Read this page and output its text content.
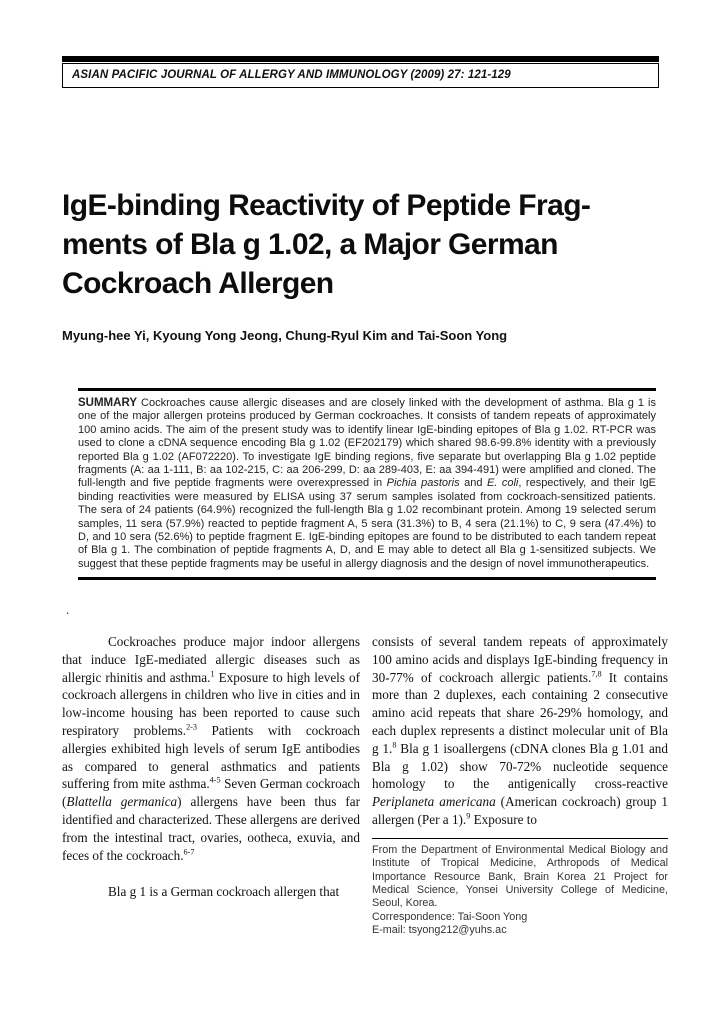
ASIAN PACIFIC JOURNAL OF ALLERGY AND IMMUNOLOGY (2009) 27: 121-129
IgE-binding Reactivity of Peptide Frag-
ments of Bla g 1.02, a Major German
Cockroach Allergen
Myung-hee Yi, Kyoung Yong Jeong, Chung-Ryul Kim and Tai-Soon Yong
SUMMARY Cockroaches cause allergic diseases and are closely linked with the development of asthma. Bla g 1 is one of the major allergen proteins produced by German cockroaches. It consists of tandem repeats of approximately 100 amino acids. The aim of the present study was to identify linear IgE-binding epitopes of Bla g 1.02. RT-PCR was used to clone a cDNA sequence encoding Bla g 1.02 (EF202179) which shared 98.6-99.8% identity with a previously reported Bla g 1.02 (AF072220). To investigate IgE binding regions, five separate but overlapping Bla g 1.02 peptide fragments (A: aa 1-111, B: aa 102-215, C: aa 206-299, D: aa 289-403, E: aa 394-491) were amplified and cloned. The full-length and five peptide fragments were overexpressed in Pichia pastoris and E. coli, respectively, and their IgE binding reactivities were measured by ELISA using 37 serum samples isolated from cockroach-sensitized patients. The sera of 24 patients (64.9%) recognized the full-length Bla g 1.02 recombinant protein. Among 19 selected serum samples, 11 sera (57.9%) reacted to peptide fragment A, 5 sera (31.3%) to B, 4 sera (21.1%) to C, 9 sera (47.4%) to D, and 10 sera (52.6%) to peptide fragment E. IgE-binding epitopes are found to be distributed to each tandem repeat of Bla g 1. The combination of peptide fragments A, D, and E may able to detect all Bla g 1-sensitized subjects. We suggest that these peptide fragments may be useful in allergy diagnosis and the design of novel immunotherapeutics.
.

Cockroaches produce major indoor allergens that induce IgE-mediated allergic diseases such as allergic rhinitis and asthma.$^1$ Exposure to high levels of cockroach allergens in children who live in cities and in low-income housing has been reported to cause such respiratory problems.$^{2-3}$ Patients with cockroach allergies exhibited high levels of serum IgE antibodies as compared to general asthmatics and patients suffering from mite asthma.$^{4-5}$ Seven German cockroach (Blattella germanica) allergens have been thus far identified and characterized. These allergens are derived from the intestinal tract, ovaries, ootheca, exuvia, and feces of the cockroach.$^{6-7}$

Bla g 1 is a German cockroach allergen that

consists of several tandem repeats of approximately 100 amino acids and displays IgE-binding frequency in 30-77% of cockroach allergic patients.$^{7,8}$ It contains more than 2 duplexes, each containing 2 consecutive amino acid repeats that share 26-29% homology, and each duplex represents a distinct molecular unit of Bla g 1.$^8$ Bla g 1 isoallergens (cDNA clones Bla g 1.01 and Bla g 1.02) show 70-72% nucleotide sequence homology to the antigenically cross-reactive Periplaneta americana (American cockroach) group 1 allergen (Per a 1).$^9$ Exposure to

From the Department of Environmental Medical Biology and Institute of Tropical Medicine, Arthropods of Medical Importance Resource Bank, Brain Korea 21 Project for Medical Science, Yonsei University College of Medicine, Seoul, Korea.
Correspondence: Tai-Soon Yong
E-mail: tsyong212@yuhs.ac
